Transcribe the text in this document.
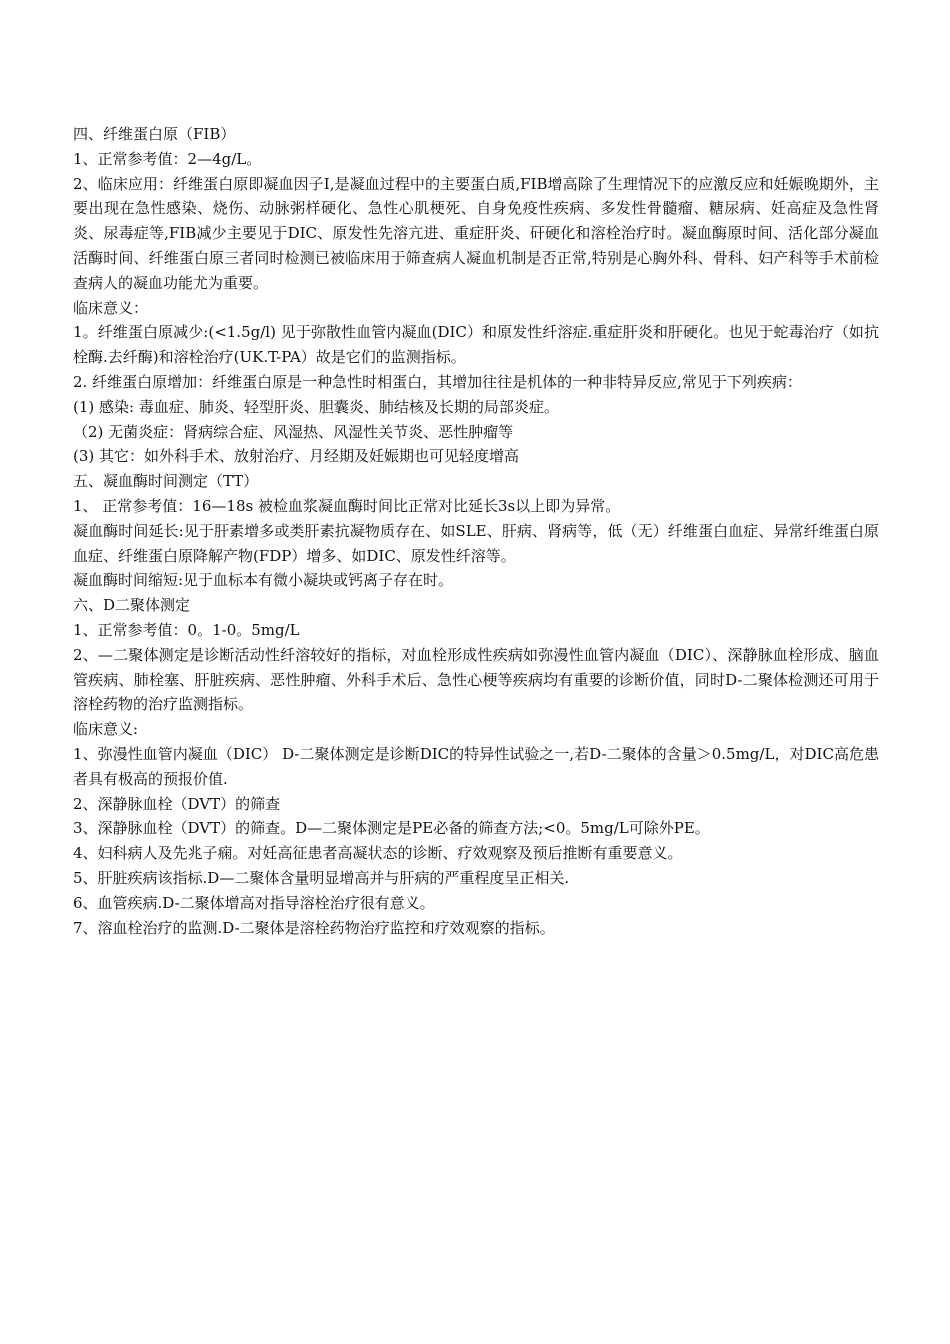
四、纤维蛋白原（FIB）

1、正常参考值：2—4g/L。

2、临床应用：纤维蛋白原即凝血因子Ⅰ,是凝血过程中的主要蛋白质,FIB增高除了生理情况下的应激反应和妊娠晚期外，主要出现在急性感染、烧伤、动脉粥样硬化、急性心肌梗死、自身免疫性疾病、多发性骨髓瘤、糖尿病、妊高症及急性肾炎、尿毒症等,FIB减少主要见于DIC、原发性先溶亢进、重症肝炎、矸硬化和溶栓治疗时。凝血酶原时间、活化部分凝血活酶时间、纤维蛋白原三者同时检测已被临床用于筛查病人凝血机制是否正常,特别是心胸外科、骨科、妇产科等手术前检查病人的凝血功能尤为重要。

临床意义：

1。纤维蛋白原减少:(<1.5g/l) 见于弥散性血管内凝血(DIC）和原发性纤溶症.重症肝炎和肝硬化。也见于蛇毒治疗（如抗栓酶.去纤酶)和溶栓治疗(UK.T-PA）故是它们的监测指标。

2. 纤维蛋白原增加：纤维蛋白原是一种急性时相蛋白，其增加往往是机体的一种非特异反应,常见于下列疾病：

(1) 感染: 毒血症、肺炎、轻型肝炎、胆囊炎、肺结核及长期的局部炎症。

（2) 无菌炎症：肾病综合症、风湿热、风湿性关节炎、恶性肿瘤等

(3) 其它：如外科手术、放射治疗、月经期及妊娠期也可见轻度增高

五、凝血酶时间测定（TT）

1、 正常参考值：16—18s 被检血浆凝血酶时间比正常对比延长3s以上即为异常。

凝血酶时间延长:见于肝素增多或类肝素抗凝物质存在、如SLE、肝病、肾病等，低（无）纤维蛋白血症、异常纤维蛋白原血症、纤维蛋白原降解产物(FDP）增多、如DIC、原发性纤溶等。

凝血酶时间缩短:见于血标本有微小凝块或钙离子存在时。

六、D二聚体测定

1、正常参考值：0。1-0。5mg/L

2、—二聚体测定是诊断活动性纤溶较好的指标，对血栓形成性疾病如弥漫性血管内凝血（DIC）、深静脉血栓形成、脑血管疾病、肺栓塞、肝脏疾病、恶性肿瘤、外科手术后、急性心梗等疾病均有重要的诊断价值，同时D-二聚体检测还可用于溶栓药物的治疗监测指标。

临床意义:

1、弥漫性血管内凝血（DIC） D-二聚体测定是诊断DIC的特异性试验之一,若D-二聚体的含量＞0.5mg/L，对DIC高危患者具有极高的预报价值.

2、深静脉血栓（DVT）的筛查

3、深静脉血栓（DVT）的筛查。D—二聚体测定是PE必备的筛查方法;<0。5mg/L可除外PE。

4、妇科病人及先兆子痫。对妊高征患者高凝状态的诊断、疗效观察及预后推断有重要意义。

5、肝脏疾病该指标.D—二聚体含量明显增高并与肝病的严重程度呈正相关.

6、血管疾病.D-二聚体增高对指导溶栓治疗很有意义。

7、溶血栓治疗的监测.D-二聚体是溶栓药物治疗监控和疗效观察的指标。
